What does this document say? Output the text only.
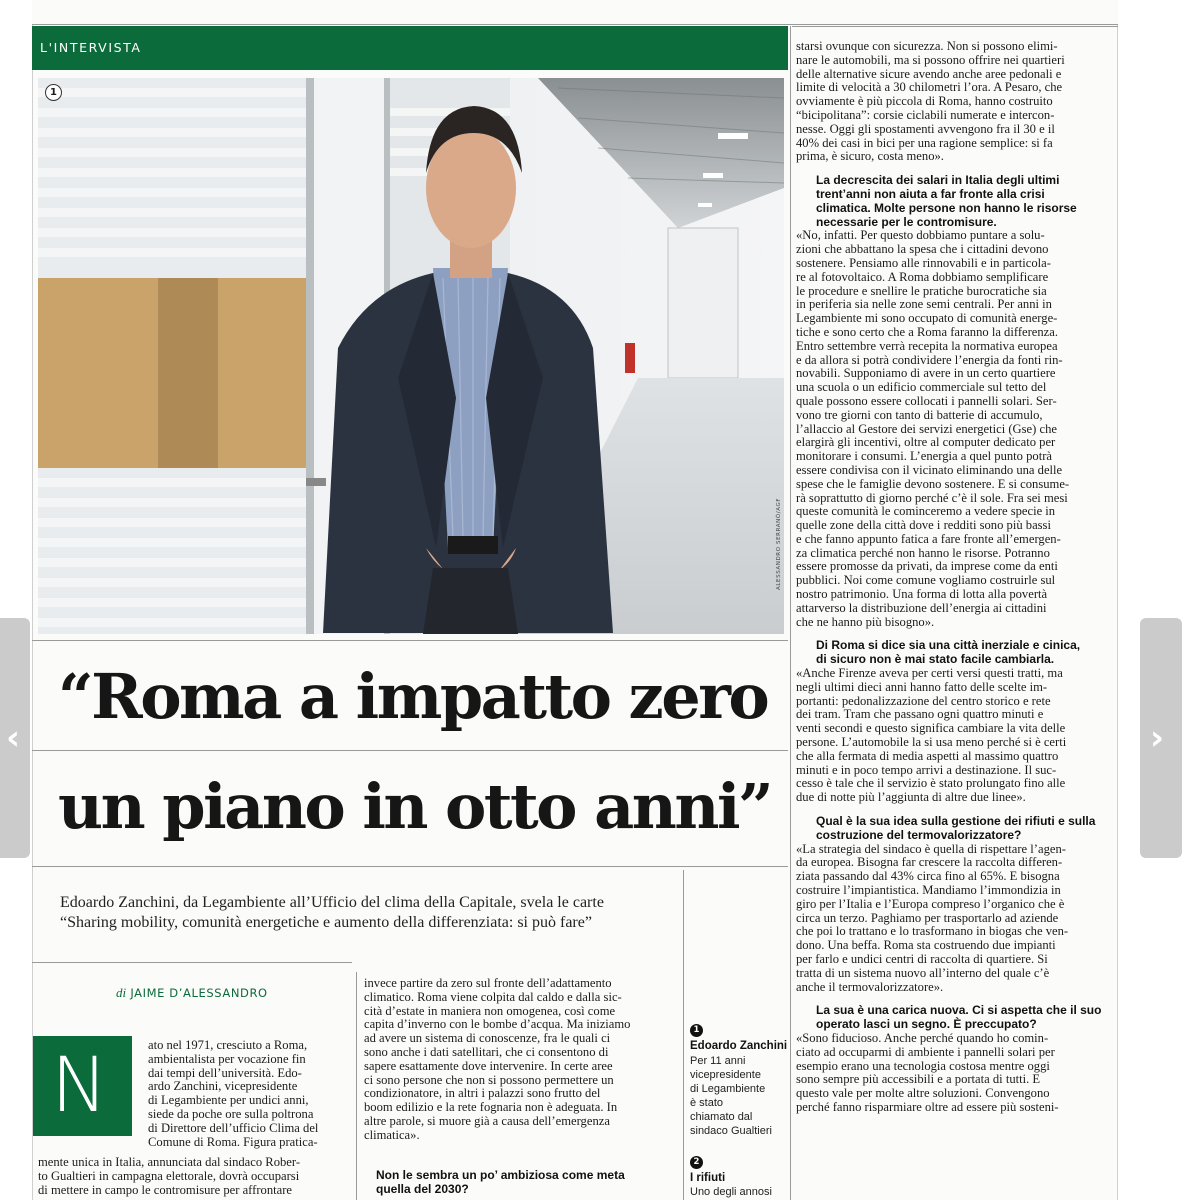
L'INTERVISTA
1
ALESSANDRO SERRANÒ/AGF
“Roma a impatto zero
un piano in otto anni”
Edoardo Zanchini, da Legambiente all’Ufficio del clima della Capitale, svela le carte
“Sharing mobility, comunità energetiche e aumento della differenziata: si può fare”
di JAIME D’ALESSANDRO
N	ato nel 1971, cresciuto a Roma,
ambientalista per vocazione fin
dai tempi dell’università. Edo-
ardo Zanchini, vicepresidente
di Legambiente per undici anni,
siede da poche ore sulla poltrona
di Direttore dell’ufficio Clima del
Comune di Roma. Figura pratica-
mente unica in Italia, annunciata dal sindaco Rober-
to Gualtieri in campagna elettorale, dovrà occuparsi
di mettere in campo le contromisure per affrontare
invece partire da zero sul fronte dell’adattamento
climatico. Roma viene colpita dal caldo e dalla sic-
cità d’estate in maniera non omogenea, così come
capita d’inverno con le bombe d’acqua. Ma iniziamo
ad avere un sistema di conoscenze, fra le quali ci
sono anche i dati satellitari, che ci consentono di
sapere esattamente dove intervenire. In certe aree
ci sono persone che non si possono permettere un
condizionatore, in altri i palazzi sono frutto del
boom edilizio e la rete fognaria non è adeguata. In
altre parole, si muore già a causa dell’emergenza
climatica».
Non le sembra un po’ ambiziosa come meta
quella del 2030?
1
Edoardo Zanchini
Per 11 anni
vicepresidente
di Legambiente
è stato
chiamato dal
sindaco Gualtieri
2
I rifiuti
Uno degli annosi
starsi ovunque con sicurezza. Non si possono elimi-
nare le automobili, ma si possono offrire nei quartieri
delle alternative sicure avendo anche aree pedonali e
limite di velocità a 30 chilometri l’ora. A Pesaro, che
ovviamente è più piccola di Roma, hanno costruito
“bicipolitana”: corsie ciclabili numerate e intercon-
nesse. Oggi gli spostamenti avvengono fra il 30 e il
40% dei casi in bici per una ragione semplice: si fa
prima, è sicuro, costa meno».
La decrescita dei salari in Italia degli ultimi
trent’anni non aiuta a far fronte alla crisi
climatica. Molte persone non hanno le risorse
necessarie per le contromisure.
«No, infatti. Per questo dobbiamo puntare a solu-
zioni che abbattano la spesa che i cittadini devono
sostenere. Pensiamo alle rinnovabili e in particola-
re al fotovoltaico. A Roma dobbiamo semplificare
le procedure e snellire le pratiche burocratiche sia
in periferia sia nelle zone semi centrali. Per anni in
Legambiente mi sono occupato di comunità energe-
tiche e sono certo che a Roma faranno la differenza.
Entro settembre verrà recepita la normativa europea
e da allora si potrà condividere l’energia da fonti rin-
novabili. Supponiamo di avere in un certo quartiere
una scuola o un edificio commerciale sul tetto del
quale possono essere collocati i pannelli solari. Ser-
vono tre giorni con tanto di batterie di accumulo,
l’allaccio al Gestore dei servizi energetici (Gse) che
elargirà gli incentivi, oltre al computer dedicato per
monitorare i consumi. L’energia a quel punto potrà
essere condivisa con il vicinato eliminando una delle
spese che le famiglie devono sostenere. E si consume-
rà soprattutto di giorno perché c’è il sole. Fra sei mesi
queste comunità le cominceremo a vedere specie in
quelle zone della città dove i redditi sono più bassi
e che fanno appunto fatica a fare fronte all’emergen-
za climatica perché non hanno le risorse. Potranno
essere promosse da privati, da imprese come da enti
pubblici. Noi come comune vogliamo costruirle sul
nostro patrimonio. Una forma di lotta alla povertà
attarverso la distribuzione dell’energia ai cittadini
che ne hanno più bisogno».
Di Roma si dice sia una città inerziale e cinica,
di sicuro non è mai stato facile cambiarla.
«Anche Firenze aveva per certi versi questi tratti, ma
negli ultimi dieci anni hanno fatto delle scelte im-
portanti: pedonalizzazione del centro storico e rete
dei tram. Tram che passano ogni quattro minuti e
venti secondi e questo significa cambiare la vita delle
persone. L’automobile la si usa meno perché si è certi
che alla fermata di media aspetti al massimo quattro
minuti e in poco tempo arrivi a destinazione. Il suc-
cesso è tale che il servizio è stato prolungato fino alle
due di notte più l’aggiunta di altre due linee».
Qual è la sua idea sulla gestione dei rifiuti e sulla
costruzione del termovalorizzatore?
«La strategia del sindaco è quella di rispettare l’agen-
da europea. Bisogna far crescere la raccolta differen-
ziata passando dal 43% circa fino al 65%. E bisogna
costruire l’impiantistica. Mandiamo l’immondizia in
giro per l’Italia e l’Europa compreso l’organico che è
circa un terzo. Paghiamo per trasportarlo ad aziende
che poi lo trattano e lo trasformano in biogas che ven-
dono. Una beffa. Roma sta costruendo due impianti
per farlo e undici centri di raccolta di quartiere. Si
tratta di un sistema nuovo all’interno del quale c’è
anche il termovalorizzatore».
La sua è una carica nuova. Ci si aspetta che il suo
operato lasci un segno. È preccupato?
«Sono fiducioso. Anche perché quando ho comin-
ciato ad occuparmi di ambiente i pannelli solari per
esempio erano una tecnologia costosa mentre oggi
sono sempre più accessibili e a portata di tutti. E
questo vale per molte altre soluzioni. Convengono
perché fanno risparmiare oltre ad essere più sosteni-
‹	›
